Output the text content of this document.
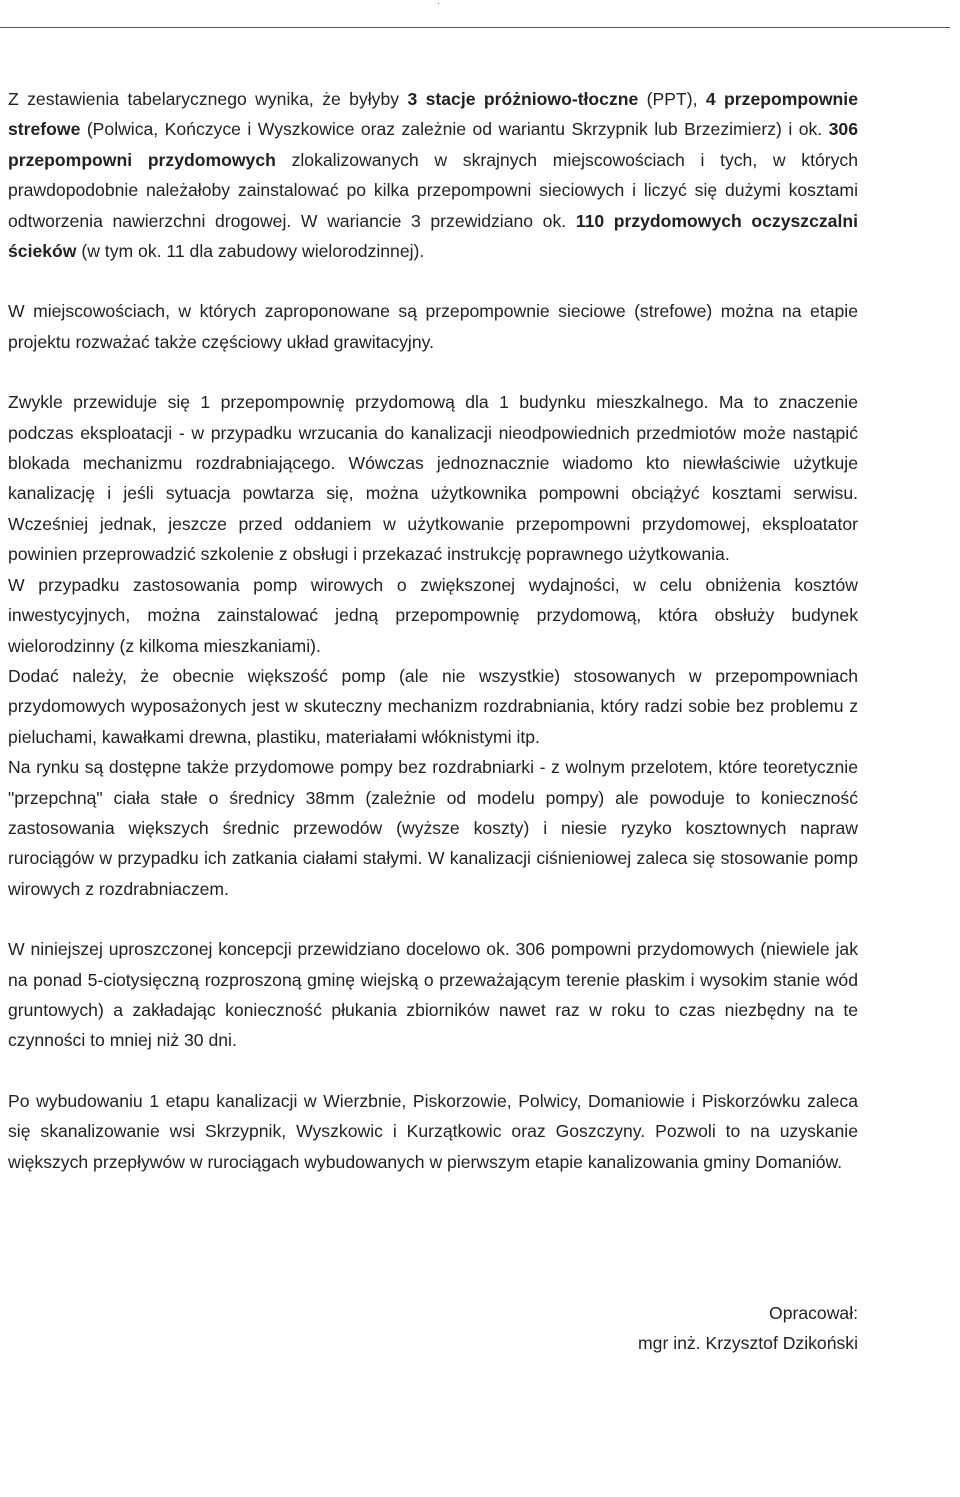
.

Z zestawienia tabelarycznego wynika, że byłyby 3 stacje próżniowo-tłoczne (PPT), 4 przepompownie strefowe (Polwica, Kończyce i Wyszkowice oraz zależnie od wariantu Skrzypnik lub Brzezimierz) i ok. 306 przepompowni przydomowych zlokalizowanych w skrajnych miejscowościach i tych, w których prawdopodobnie należałoby zainstalować po kilka przepompowni sieciowych i liczyć się dużymi kosztami odtworzenia nawierzchni drogowej. W wariancie 3 przewidziano ok. 110 przydomowych oczyszczalni ścieków (w tym ok. 11 dla zabudowy wielorodzinnej).

W miejscowościach, w których zaproponowane są przepompownie sieciowe (strefowe) można na etapie projektu rozważać także częściowy układ grawitacyjny.

Zwykle przewiduje się 1 przepompownię przydomową dla 1 budynku mieszkalnego. Ma to znaczenie podczas eksploatacji - w przypadku wrzucania do kanalizacji nieodpowiednich przedmiotów może nastąpić blokada mechanizmu rozdrabniającego. Wówczas jednoznacznie wiadomo kto niewłaściwie użytkuje kanalizację i jeśli sytuacja powtarza się, można użytkownika pompowni obciążyć kosztami serwisu. Wcześniej jednak, jeszcze przed oddaniem w użytkowanie przepompowni przydomowej, eksploatator powinien przeprowadzić szkolenie z obsługi i przekazać instrukcję poprawnego użytkowania.

W przypadku zastosowania pomp wirowych o zwiększonej wydajności, w celu obniżenia kosztów inwestycyjnych, można zainstalować jedną przepompownię przydomową, która obsłuży budynek wielorodzinny (z kilkoma mieszkaniami).

Dodać należy, że obecnie większość pomp (ale nie wszystkie) stosowanych w przepompowniach przydomowych wyposażonych jest w skuteczny mechanizm rozdrabniania, który radzi sobie bez problemu z pieluchami, kawałkami drewna, plastiku, materiałami włóknistymi itp.

Na rynku są dostępne także przydomowe pompy bez rozdrabniarki - z wolnym przelotem, które teoretycznie "przepchną" ciała stałe o średnicy 38mm (zależnie od modelu pompy) ale powoduje to konieczność zastosowania większych średnic przewodów (wyższe koszty) i niesie ryzyko kosztownych napraw rurociągów w przypadku ich zatkania ciałami stałymi. W kanalizacji ciśnieniowej zaleca się stosowanie pomp wirowych z rozdrabniaczem.

W niniejszej uproszczonej koncepcji przewidziano docelowo ok. 306 pompowni przydomowych (niewiele jak na ponad 5-ciotysięczną rozproszoną gminę wiejską o przeważającym terenie płaskim i wysokim stanie wód gruntowych) a zakładając konieczność płukania zbiorników nawet raz w roku to czas niezbędny na te czynności to mniej niż 30 dni.

Po wybudowaniu 1 etapu kanalizacji w Wierzbnie, Piskorzowie, Polwicy, Domaniowie i Piskorzówku zaleca się skanalizowanie wsi Skrzypnik, Wyszkowic i Kurzątkowic oraz Goszczyny. Pozwoli to na uzyskanie większych przepływów w rurociągach wybudowanych w pierwszym etapie kanalizowania gminy Domaniów.

Opracował:
mgr inż. Krzysztof Dzikoński
